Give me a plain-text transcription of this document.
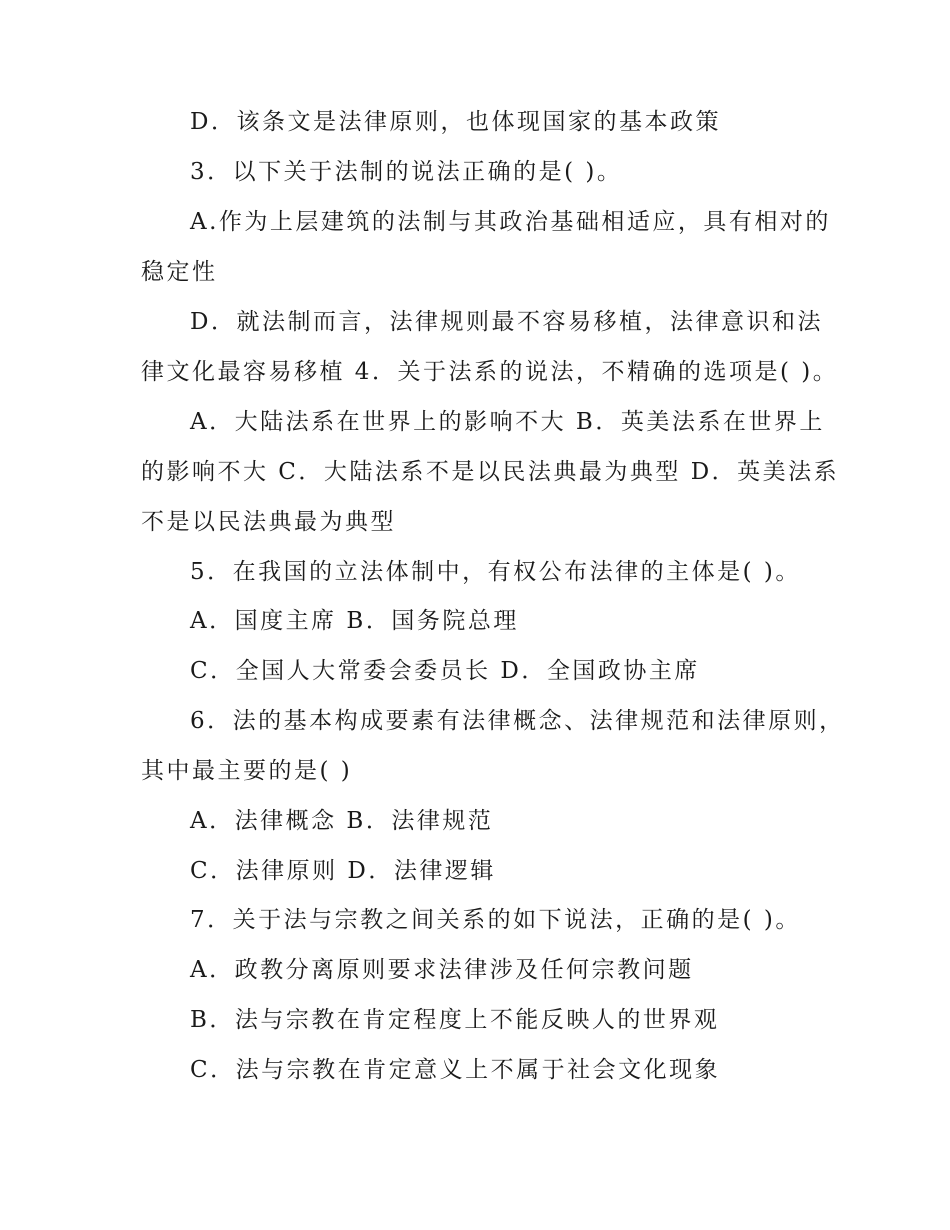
D．该条文是法律原则，也体现国家的基本政策

3．以下关于法制的说法正确的是( )。

A.作为上层建筑的法制与其政治基础相适应，具有相对的

稳定性

D．就法制而言，法律规则最不容易移植，法律意识和法

律文化最容易移植 4．关于法系的说法，不精确的选项是( )。

A．大陆法系在世界上的影响不大 B．英美法系在世界上

的影响不大 C．大陆法系不是以民法典最为典型 D．英美法系

不是以民法典最为典型

5．在我国的立法体制中，有权公布法律的主体是( )。

A．国度主席 B．国务院总理

C．全国人大常委会委员长 D．全国政协主席

6．法的基本构成要素有法律概念、法律规范和法律原则，

其中最主要的是( )

A．法律概念 B．法律规范

C．法律原则 D．法律逻辑

7．关于法与宗教之间关系的如下说法，正确的是( )。

A．政教分离原则要求法律涉及任何宗教问题

B．法与宗教在肯定程度上不能反映人的世界观

C．法与宗教在肯定意义上不属于社会文化现象
